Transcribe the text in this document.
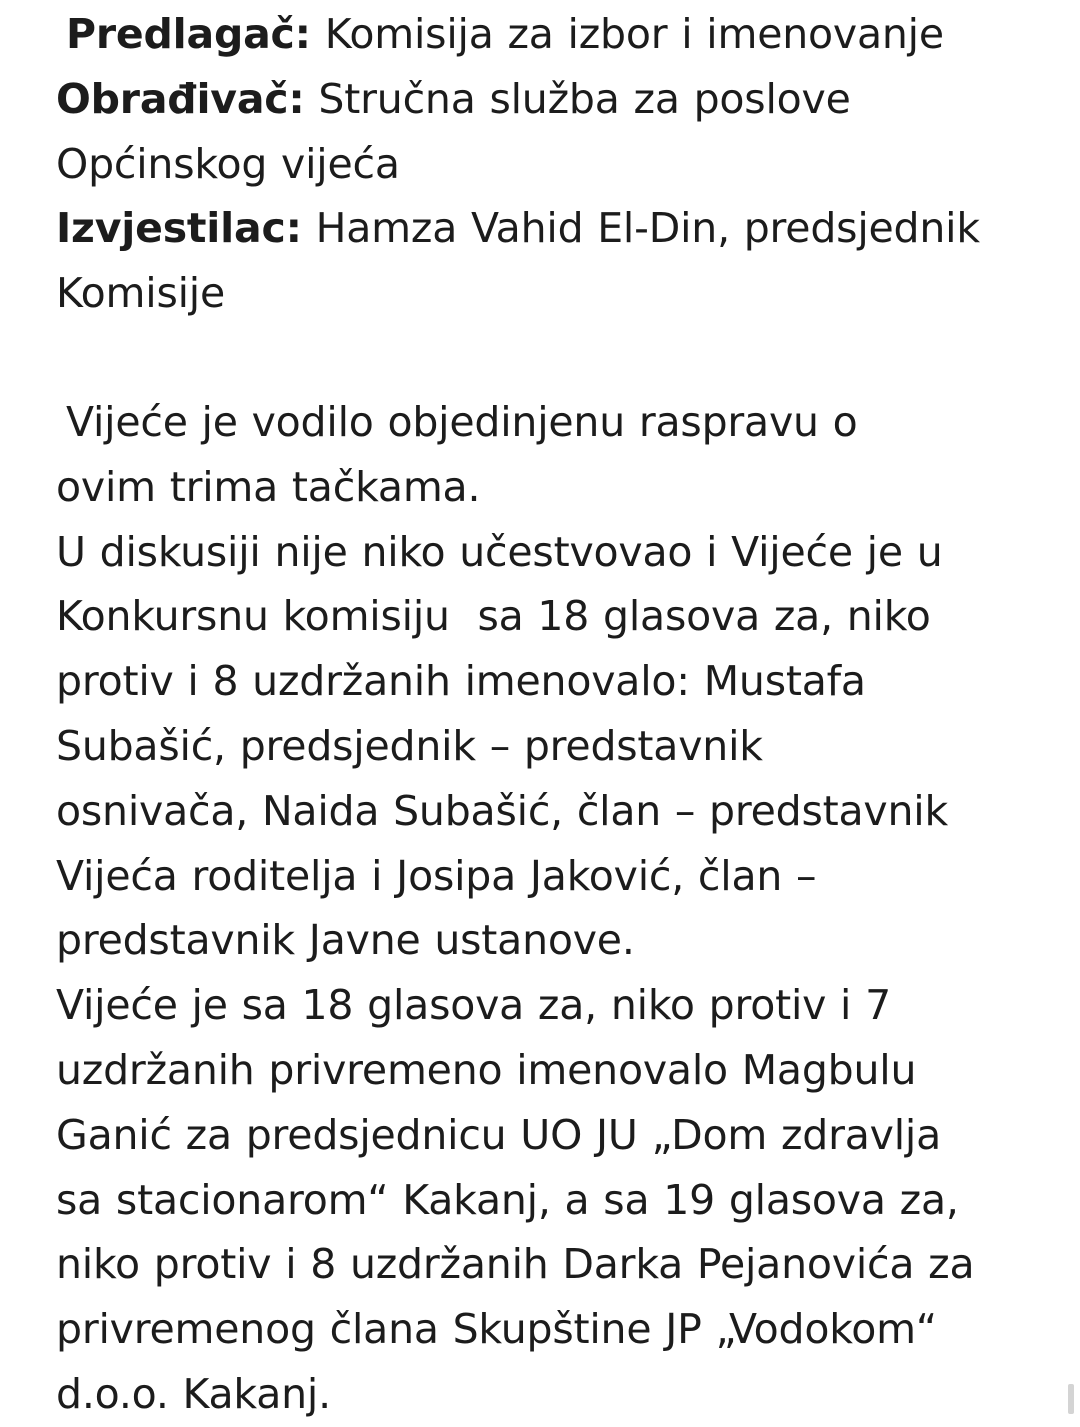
Predlagač: Komisija za izbor i imenovanje
Obrađivač: Stručna služba za poslove
Općinskog vijeća
Izvjestilac: Hamza Vahid El-Din, predsjednik
Komisije
Vijeće je vodilo objedinjenu raspravu o
ovim trima tačkama.
U diskusiji nije niko učestvovao i Vijeće je u
Konkursnu komisiju  sa 18 glasova za, niko
protiv i 8 uzdržanih imenovalo: Mustafa
Subašić, predsjednik – predstavnik
osnivača, Naida Subašić, član – predstavnik
Vijeća roditelja i Josipa Jaković, član –
predstavnik Javne ustanove.
Vijeće je sa 18 glasova za, niko protiv i 7
uzdržanih privremeno imenovalo Magbulu
Ganić za predsjednicu UO JU „Dom zdravlja
sa stacionarom“ Kakanj, a sa 19 glasova za,
niko protiv i 8 uzdržanih Darka Pejanovića za
privremenog člana Skupštine JP „Vodokom“
d.o.o. Kakanj.
